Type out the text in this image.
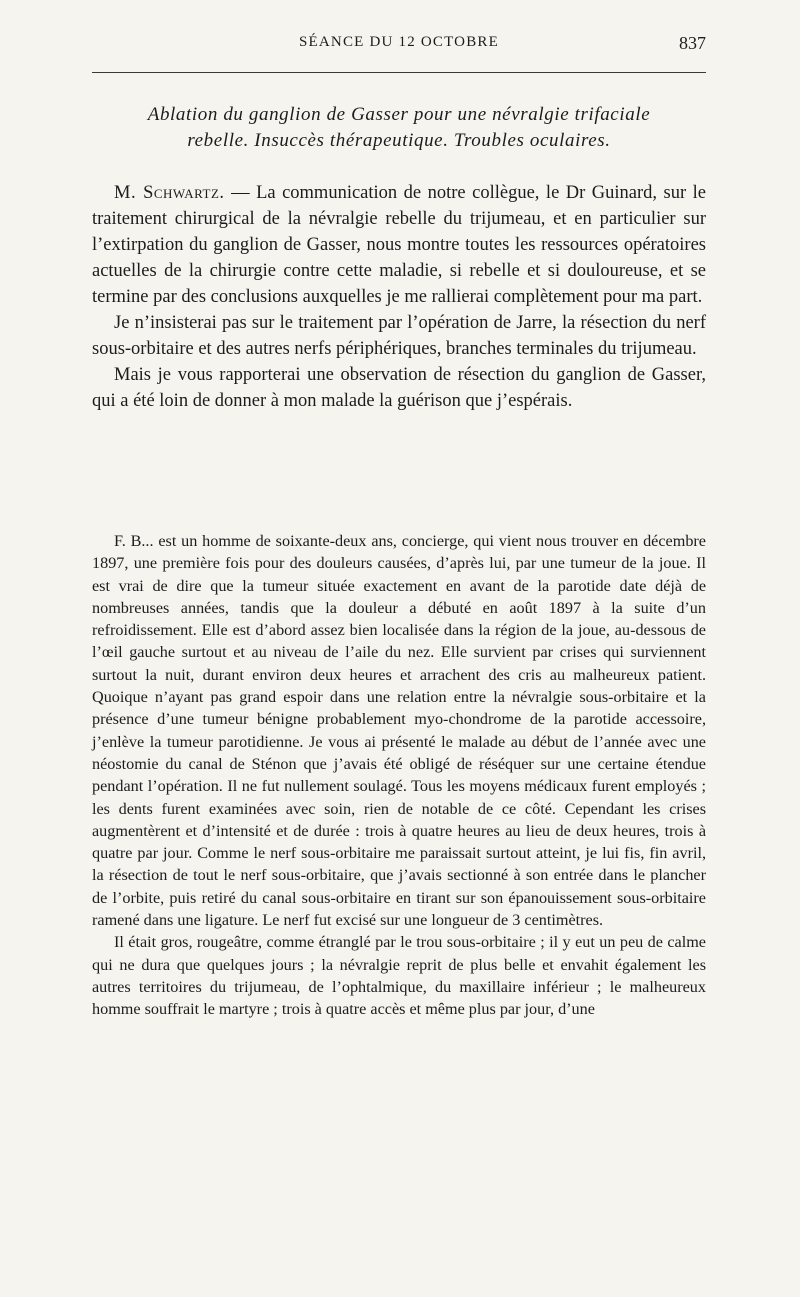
SÉANCE DU 12 OCTOBRE	837
Ablation du ganglion de Gasser pour une névralgie trifaciale
rebelle. Insuccès thérapeutique. Troubles oculaires.

M. Schwartz. — La communication de notre collègue, le Dr Guinard, sur le traitement chirurgical de la névralgie rebelle du trijumeau, et en particulier sur l’extirpation du ganglion de Gasser, nous montre toutes les ressources opératoires actuelles de la chirurgie contre cette maladie, si rebelle et si douloureuse, et se termine par des conclusions auxquelles je me rallierai complètement pour ma part.

Je n’insisterai pas sur le traitement par l’opération de Jarre, la résection du nerf sous-orbitaire et des autres nerfs périphériques, branches terminales du trijumeau.

Mais je vous rapporterai une observation de résection du ganglion de Gasser, qui a été loin de donner à mon malade la guérison que j’espérais.

F. B... est un homme de soixante-deux ans, concierge, qui vient nous trouver en décembre 1897, une première fois pour des douleurs causées, d’après lui, par une tumeur de la joue. Il est vrai de dire que la tumeur située exactement en avant de la parotide date déjà de nombreuses années, tandis que la douleur a débuté en août 1897 à la suite d’un refroidissement. Elle est d’abord assez bien localisée dans la région de la joue, au-dessous de l’œil gauche surtout et au niveau de l’aile du nez. Elle survient par crises qui surviennent surtout la nuit, durant environ deux heures et arrachent des cris au malheureux patient. Quoique n’ayant pas grand espoir dans une relation entre la névralgie sous-orbitaire et la présence d’une tumeur bénigne probablement myo-chondrome de la parotide accessoire, j’enlève la tumeur parotidienne. Je vous ai présenté le malade au début de l’année avec une néostomie du canal de Sténon que j’avais été obligé de réséquer sur une certaine étendue pendant l’opération. Il ne fut nullement soulagé. Tous les moyens médicaux furent employés ; les dents furent examinées avec soin, rien de notable de ce côté. Cependant les crises augmentèrent et d’intensité et de durée : trois à quatre heures au lieu de deux heures, trois à quatre par jour. Comme le nerf sous-orbitaire me paraissait surtout atteint, je lui fis, fin avril, la résection de tout le nerf sous-orbitaire, que j’avais sectionné à son entrée dans le plancher de l’orbite, puis retiré du canal sous-orbitaire en tirant sur son épanouissement sous-orbitaire ramené dans une ligature. Le nerf fut excisé sur une longueur de 3 centimètres.

Il était gros, rougeâtre, comme étranglé par le trou sous-orbitaire ; il y eut un peu de calme qui ne dura que quelques jours ; la névralgie reprit de plus belle et envahit également les autres territoires du trijumeau, de l’ophtalmique, du maxillaire inférieur ; le malheureux homme souffrait le martyre ; trois à quatre accès et même plus par jour, d’une
